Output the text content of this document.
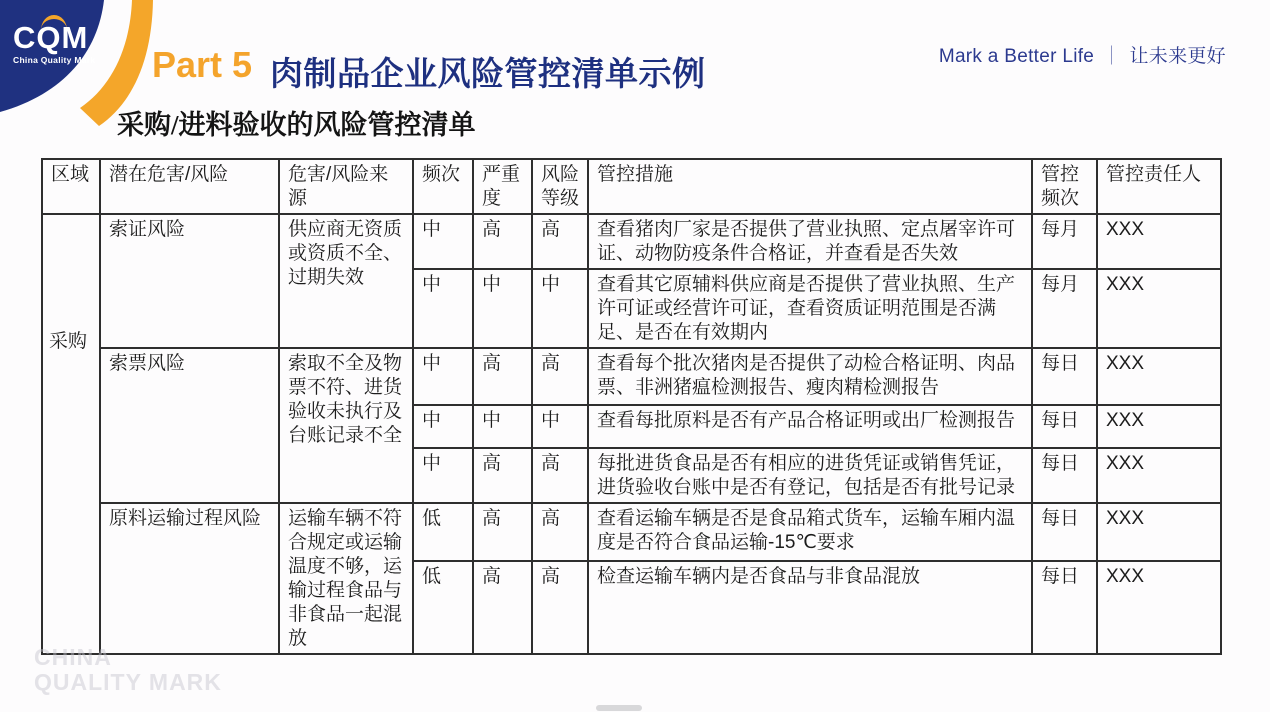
CQM
China Quality Mark	Part 5 肉制品企业风险管控清单示例	Mark a Better Life ｜ 让未来更好
采购/进料验收的风险管控清单
区域	潜在危害/风险	危害/风险来源	频次	严重度	风险等级	管控措施	管控频次	管控责任人
采购	索证风险	供应商无资质或资质不全、过期失效	中	高	高	查看猪肉厂家是否提供了营业执照、定点屠宰许可证、动物防疫条件合格证，并查看是否失效	每月	XXX
			中	中	中	查看其它原辅料供应商是否提供了营业执照、生产许可证或经营许可证，查看资质证明范围是否满足、是否在有效期内	每月	XXX
	索票风险	索取不全及物票不符、进货验收未执行及台账记录不全	中	高	高	查看每个批次猪肉是否提供了动检合格证明、肉品票、非洲猪瘟检测报告、瘦肉精检测报告	每日	XXX
			中	中	中	查看每批原料是否有产品合格证明或出厂检测报告	每日	XXX
			中	高	高	每批进货食品是否有相应的进货凭证或销售凭证，进货验收台账中是否有登记，包括是否有批号记录	每日	XXX
	原料运输过程风险	运输车辆不符合规定或运输温度不够，运输过程食品与非食品一起混放	低	高	高	查看运输车辆是否是食品箱式货车，运输车厢内温度是否符合食品运输-15℃要求	每日	XXX
			低	高	高	检查运输车辆内是否食品与非食品混放	每日	XXX
CHINA
QUALITY MARK
